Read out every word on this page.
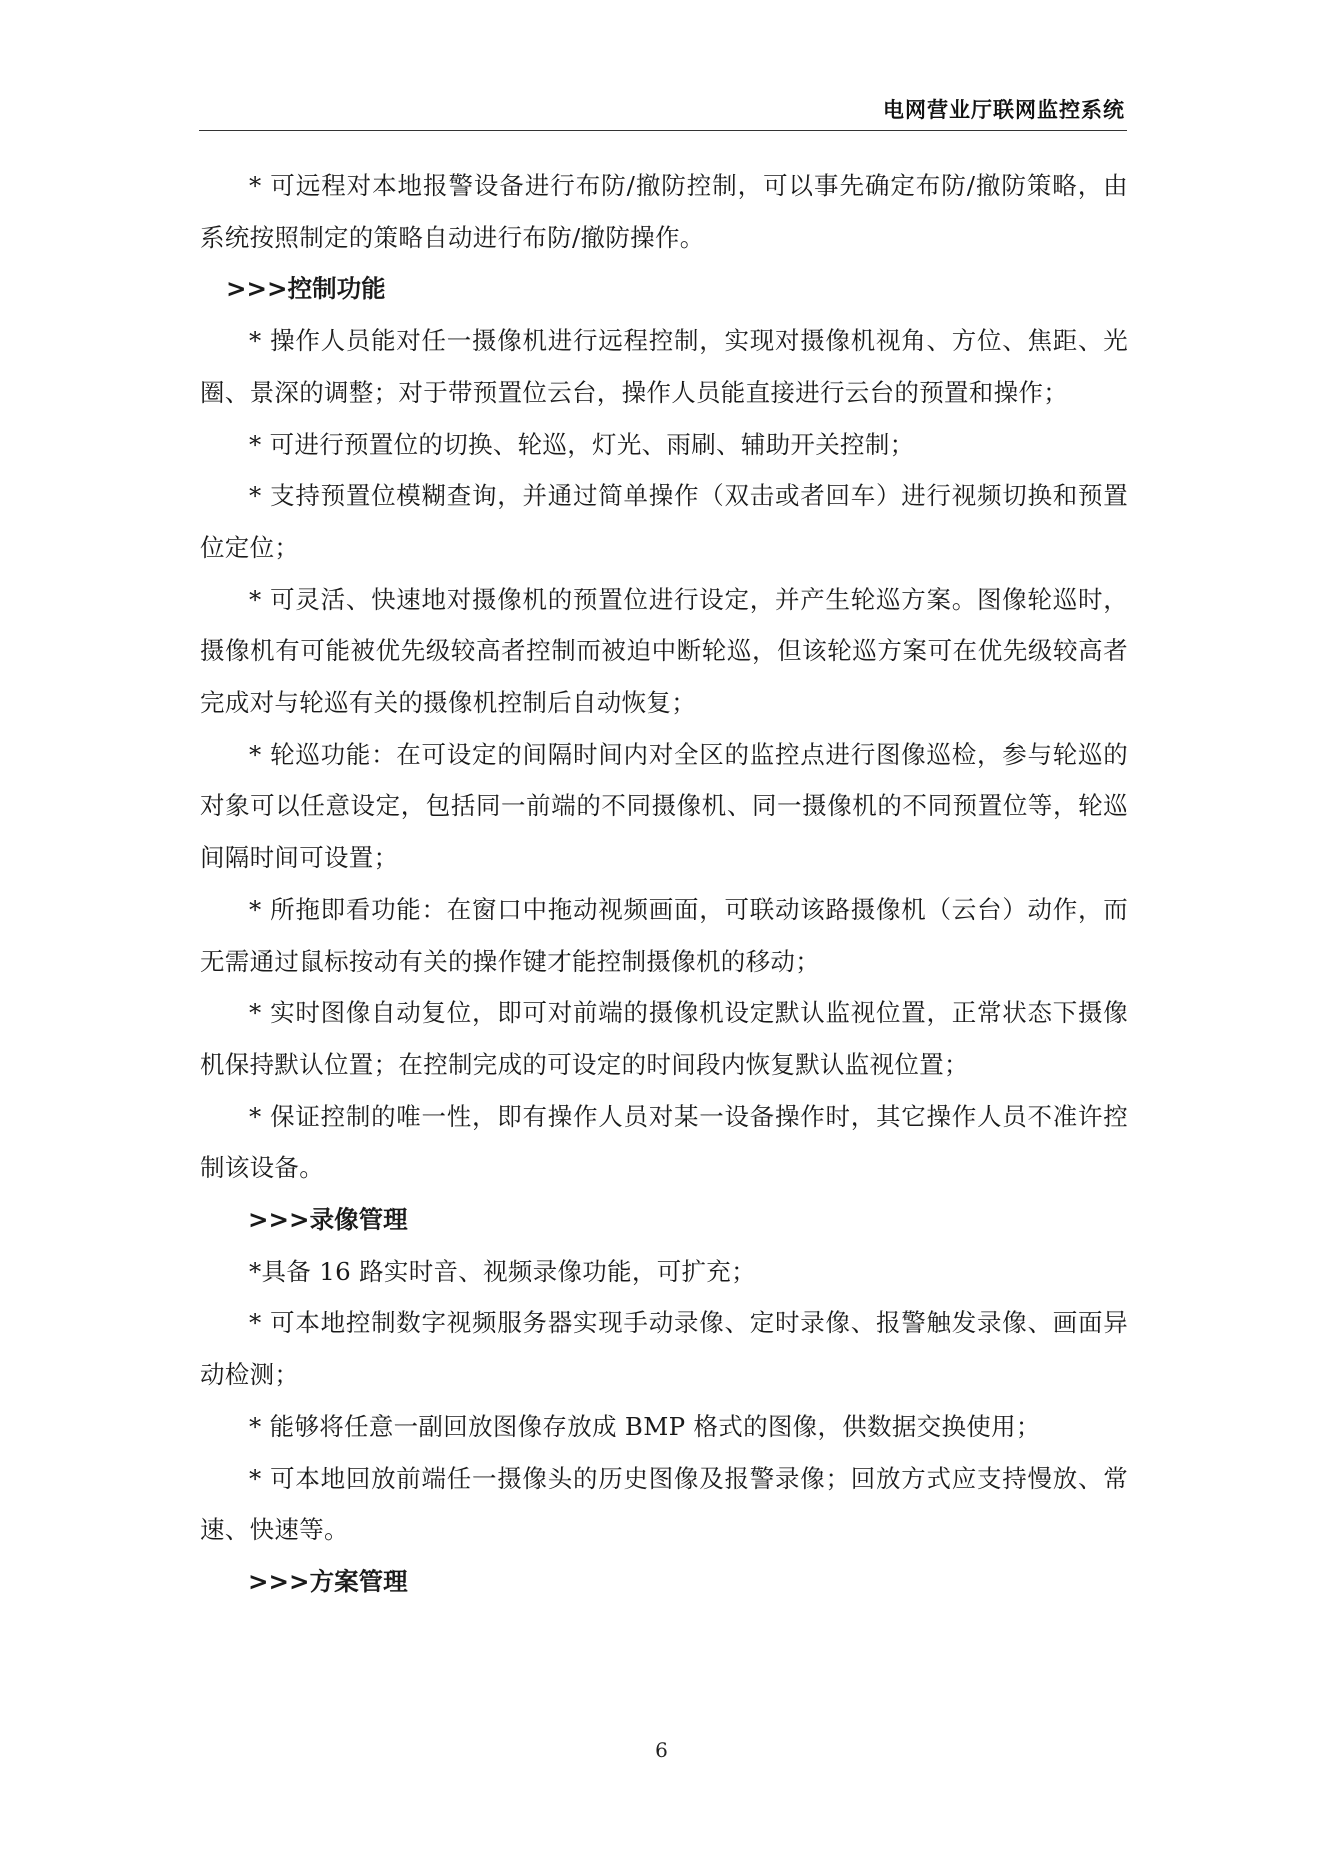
电网营业厅联网监控系统

* 可远程对本地报警设备进行布防/撤防控制，可以事先确定布防/撤防策略，由系统按照制定的策略自动进行布防/撤防操作。

>>>控制功能

* 操作人员能对任一摄像机进行远程控制，实现对摄像机视角、方位、焦距、光圈、景深的调整；对于带预置位云台，操作人员能直接进行云台的预置和操作；

* 可进行预置位的切换、轮巡，灯光、雨刷、辅助开关控制；

* 支持预置位模糊查询，并通过简单操作（双击或者回车）进行视频切换和预置位定位；

* 可灵活、快速地对摄像机的预置位进行设定，并产生轮巡方案。图像轮巡时，摄像机有可能被优先级较高者控制而被迫中断轮巡，但该轮巡方案可在优先级较高者完成对与轮巡有关的摄像机控制后自动恢复；

* 轮巡功能：在可设定的间隔时间内对全区的监控点进行图像巡检，参与轮巡的对象可以任意设定，包括同一前端的不同摄像机、同一摄像机的不同预置位等，轮巡间隔时间可设置；

* 所拖即看功能：在窗口中拖动视频画面，可联动该路摄像机（云台）动作，而无需通过鼠标按动有关的操作键才能控制摄像机的移动；

* 实时图像自动复位，即可对前端的摄像机设定默认监视位置，正常状态下摄像机保持默认位置；在控制完成的可设定的时间段内恢复默认监视位置；

* 保证控制的唯一性，即有操作人员对某一设备操作时，其它操作人员不准许控制该设备。

>>>录像管理

*具备 16 路实时音、视频录像功能，可扩充；

* 可本地控制数字视频服务器实现手动录像、定时录像、报警触发录像、画面异动检测；

* 能够将任意一副回放图像存放成 BMP 格式的图像，供数据交换使用；

* 可本地回放前端任一摄像头的历史图像及报警录像；回放方式应支持慢放、常速、快速等。

>>>方案管理

6
